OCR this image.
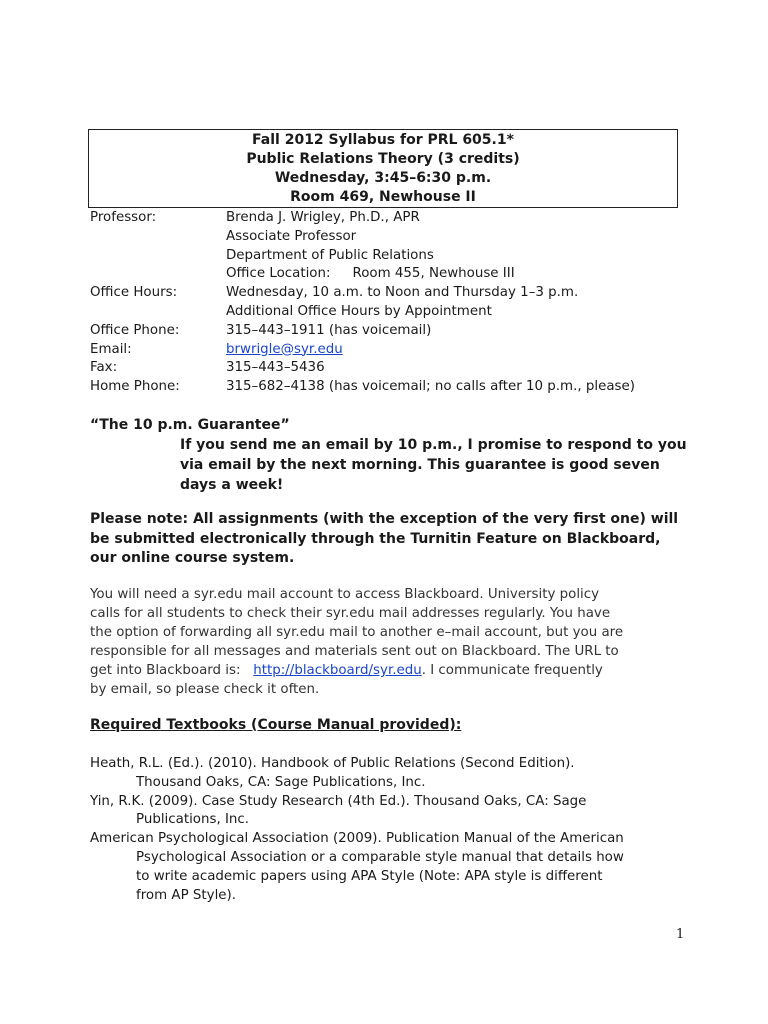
Fall 2012 Syllabus for PRL 605.1*
Public Relations Theory (3 credits)
Wednesday, 3:45–6:30 p.m.
Room 469, Newhouse II
Professor:	Brenda J. Wrigley, Ph.D., APR
Associate Professor
Department of Public Relations
Office Location: Room 455, Newhouse III
Office Hours:	Wednesday, 10 a.m. to Noon and Thursday 1–3 p.m.
Additional Office Hours by Appointment
Office Phone:	315–443–1911 (has voicemail)
Email:	brwrigle@syr.edu
Fax:	315–443–5436
Home Phone:	315–682–4138 (has voicemail; no calls after 10 p.m., please)
“The 10 p.m. Guarantee”
If you send me an email by 10 p.m., I promise to respond to you
via email by the next morning. This guarantee is good seven
days a week!
Please note: All assignments (with the exception of the very first one) will
be submitted electronically through the Turnitin Feature on Blackboard,
our online course system.
You will need a syr.edu mail account to access Blackboard. University policy
calls for all students to check their syr.edu mail addresses regularly. You have
the option of forwarding all syr.edu mail to another e–mail account, but you are
responsible for all messages and materials sent out on Blackboard. The URL to
get into Blackboard is:   http://blackboard/syr.edu. I communicate frequently
by email, so please check it often.
Required Textbooks (Course Manual provided):
Heath, R.L. (Ed.). (2010). Handbook of Public Relations (Second Edition).
Thousand Oaks, CA: Sage Publications, Inc.
Yin, R.K. (2009). Case Study Research (4th Ed.). Thousand Oaks, CA: Sage
Publications, Inc.
American Psychological Association (2009). Publication Manual of the American
Psychological Association or a comparable style manual that details how
to write academic papers using APA Style (Note: APA style is different
from AP Style).
1
